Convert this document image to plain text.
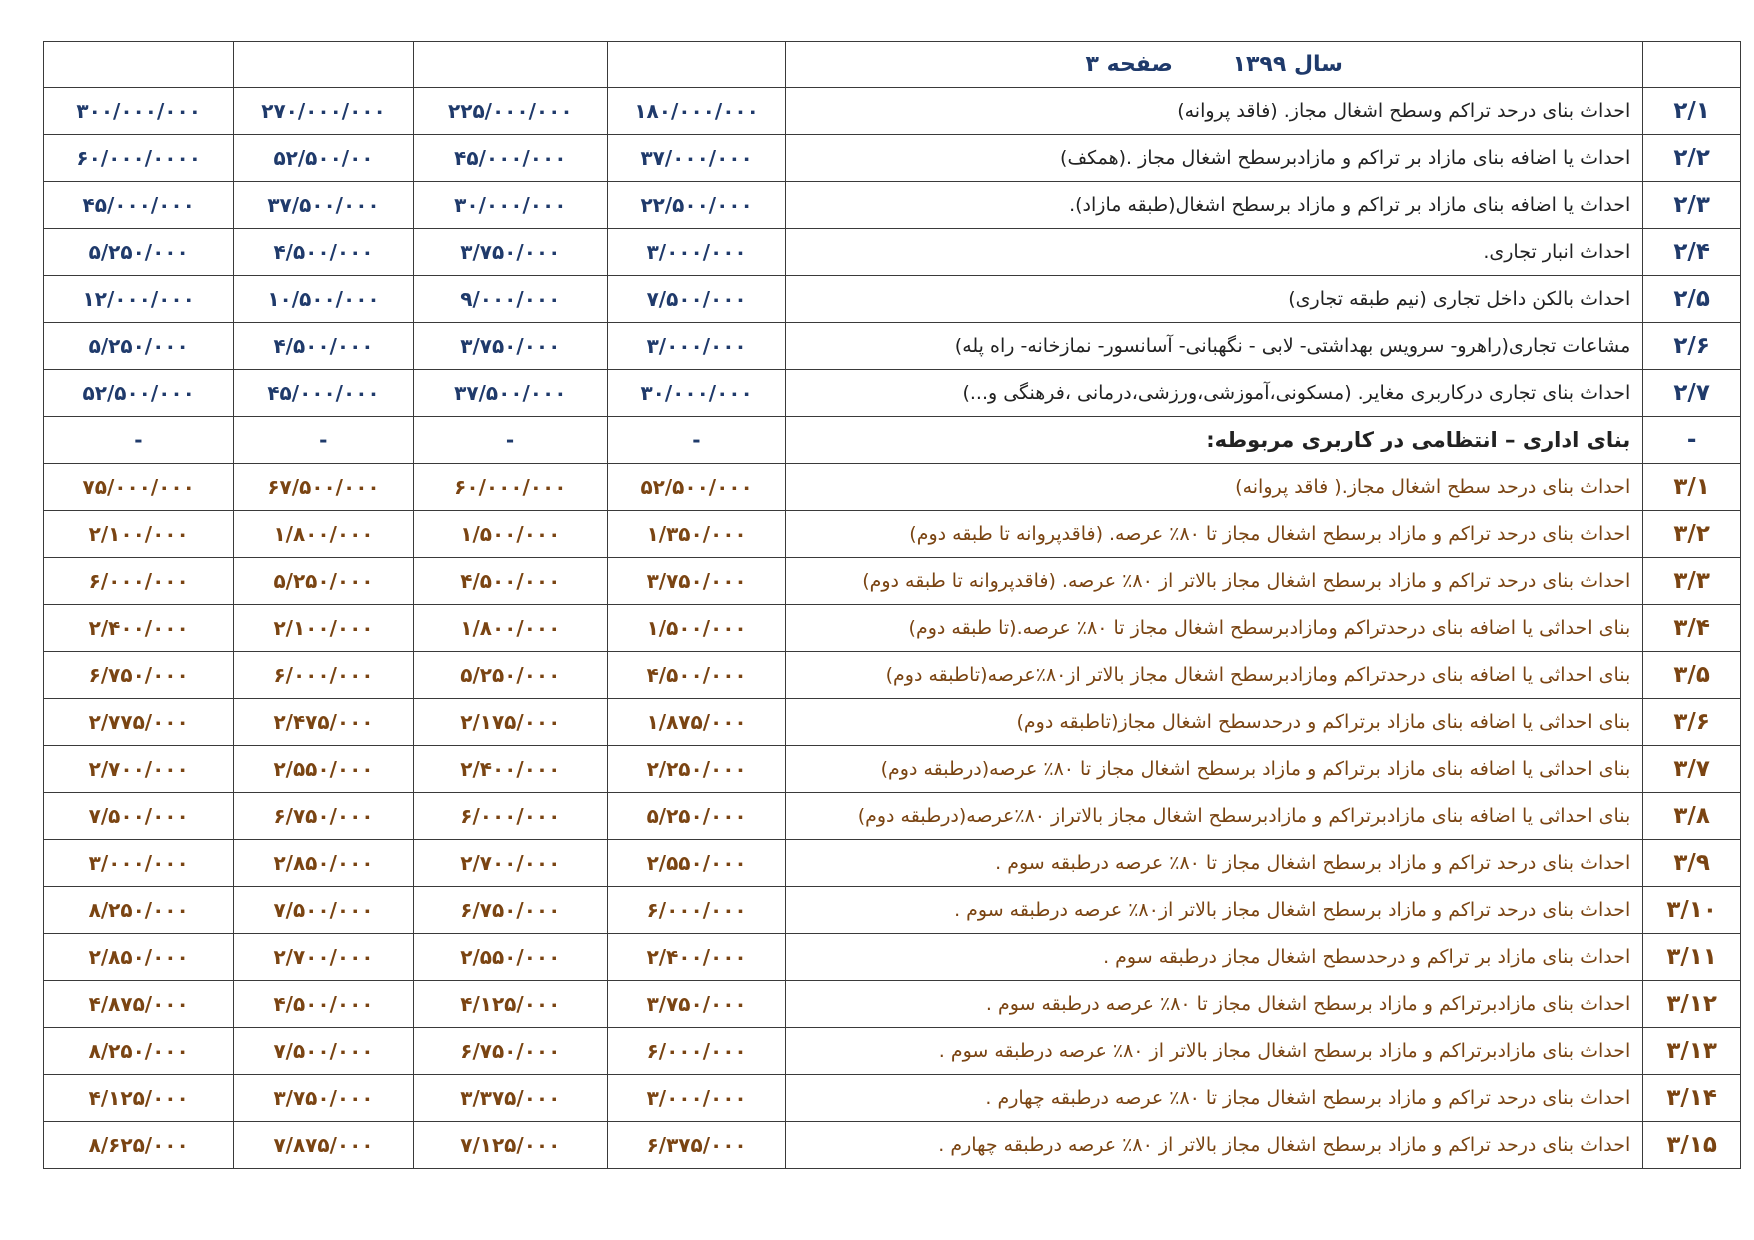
				سال ۱۳۹۹ صفحه ۳	
۳۰۰/۰۰۰/۰۰۰	۲۷۰/۰۰۰/۰۰۰	۲۲۵/۰۰۰/۰۰۰	۱۸۰/۰۰۰/۰۰۰	احداث بنای درحد تراکم وسطح اشغال مجاز. (فاقد پروانه)	۲/۱
۶۰/۰۰۰/۰۰۰۰	۵۲/۵۰۰/۰۰	۴۵/۰۰۰/۰۰۰	۳۷/۰۰۰/۰۰۰	احداث یا اضافه بنای مازاد بر تراکم و مازادبرسطح اشغال مجاز .(همکف)	۲/۲
۴۵/۰۰۰/۰۰۰	۳۷/۵۰۰/۰۰۰	۳۰/۰۰۰/۰۰۰	۲۲/۵۰۰/۰۰۰	احداث یا اضافه بنای مازاد بر تراکم و مازاد برسطح اشغال(طبقه مازاد).	۲/۳
۵/۲۵۰/۰۰۰	۴/۵۰۰/۰۰۰	۳/۷۵۰/۰۰۰	۳/۰۰۰/۰۰۰	احداث انبار تجاری.	۲/۴
۱۲/۰۰۰/۰۰۰	۱۰/۵۰۰/۰۰۰	۹/۰۰۰/۰۰۰	۷/۵۰۰/۰۰۰	احداث بالکن داخل تجاری (نیم طبقه تجاری)	۲/۵
۵/۲۵۰/۰۰۰	۴/۵۰۰/۰۰۰	۳/۷۵۰/۰۰۰	۳/۰۰۰/۰۰۰	مشاعات تجاری(راهرو- سرویس بهداشتی- لابی - نگهبانی- آسانسور- نمازخانه- راه پله)	۲/۶
۵۲/۵۰۰/۰۰۰	۴۵/۰۰۰/۰۰۰	۳۷/۵۰۰/۰۰۰	۳۰/۰۰۰/۰۰۰	احداث بنای تجاری درکاربری مغایر. (مسکونی،آموزشی،ورزشی،درمانی ،فرهنگی و...)	۲/۷
-	-	-	-	بنای اداری – انتظامی در کاربری مربوطه:	-
۷۵/۰۰۰/۰۰۰	۶۷/۵۰۰/۰۰۰	۶۰/۰۰۰/۰۰۰	۵۲/۵۰۰/۰۰۰	احداث بنای درحد سطح اشغال مجاز.( فاقد پروانه)	۳/۱
۲/۱۰۰/۰۰۰	۱/۸۰۰/۰۰۰	۱/۵۰۰/۰۰۰	۱/۳۵۰/۰۰۰	احداث بنای درحد تراکم و مازاد برسطح اشغال مجاز تا ۸۰٪ عرصه. (فاقدپروانه تا طبقه دوم)	۳/۲
۶/۰۰۰/۰۰۰	۵/۲۵۰/۰۰۰	۴/۵۰۰/۰۰۰	۳/۷۵۰/۰۰۰	احداث بنای درحد تراکم و مازاد برسطح اشغال مجاز بالاتر از ۸۰٪ عرصه. (فاقدپروانه تا طبقه دوم)	۳/۳
۲/۴۰۰/۰۰۰	۲/۱۰۰/۰۰۰	۱/۸۰۰/۰۰۰	۱/۵۰۰/۰۰۰	بنای احداثی یا اضافه بنای درحدتراکم ومازادبرسطح اشغال مجاز تا ۸۰٪ عرصه.(تا طبقه دوم)	۳/۴
۶/۷۵۰/۰۰۰	۶/۰۰۰/۰۰۰	۵/۲۵۰/۰۰۰	۴/۵۰۰/۰۰۰	بنای احداثی یا اضافه بنای درحدتراکم ومازادبرسطح اشغال مجاز بالاتر از۸۰٪عرصه(تاطبقه دوم)	۳/۵
۲/۷۷۵/۰۰۰	۲/۴۷۵/۰۰۰	۲/۱۷۵/۰۰۰	۱/۸۷۵/۰۰۰	بنای احداثی یا اضافه بنای مازاد برتراکم و درحدسطح اشغال مجاز(تاطبقه دوم)	۳/۶
۲/۷۰۰/۰۰۰	۲/۵۵۰/۰۰۰	۲/۴۰۰/۰۰۰	۲/۲۵۰/۰۰۰	بنای احداثی یا اضافه بنای مازاد برتراکم و مازاد برسطح اشغال مجاز تا ۸۰٪ عرصه(درطبقه دوم)	۳/۷
۷/۵۰۰/۰۰۰	۶/۷۵۰/۰۰۰	۶/۰۰۰/۰۰۰	۵/۲۵۰/۰۰۰	بنای احداثی یا اضافه بنای مازادبرتراکم و مازادبرسطح اشغال مجاز بالاتراز ۸۰٪عرصه(درطبقه دوم)	۳/۸
۳/۰۰۰/۰۰۰	۲/۸۵۰/۰۰۰	۲/۷۰۰/۰۰۰	۲/۵۵۰/۰۰۰	احداث بنای درحد تراکم و مازاد برسطح اشغال مجاز تا ۸۰٪ عرصه درطبقه سوم .	۳/۹
۸/۲۵۰/۰۰۰	۷/۵۰۰/۰۰۰	۶/۷۵۰/۰۰۰	۶/۰۰۰/۰۰۰	احداث بنای درحد تراکم و مازاد برسطح اشغال مجاز بالاتر از۸۰٪ عرصه درطبقه سوم .	۳/۱۰
۲/۸۵۰/۰۰۰	۲/۷۰۰/۰۰۰	۲/۵۵۰/۰۰۰	۲/۴۰۰/۰۰۰	احداث بنای مازاد بر تراکم و درحدسطح اشغال مجاز درطبقه سوم .	۳/۱۱
۴/۸۷۵/۰۰۰	۴/۵۰۰/۰۰۰	۴/۱۲۵/۰۰۰	۳/۷۵۰/۰۰۰	احداث بنای مازادبرتراکم و مازاد برسطح اشغال مجاز تا ۸۰٪ عرصه درطبقه سوم .	۳/۱۲
۸/۲۵۰/۰۰۰	۷/۵۰۰/۰۰۰	۶/۷۵۰/۰۰۰	۶/۰۰۰/۰۰۰	احداث بنای مازادبرتراکم و مازاد برسطح اشغال مجاز بالاتر از ۸۰٪ عرصه درطبقه سوم .	۳/۱۳
۴/۱۲۵/۰۰۰	۳/۷۵۰/۰۰۰	۳/۳۷۵/۰۰۰	۳/۰۰۰/۰۰۰	احداث بنای درحد تراکم و مازاد برسطح اشغال مجاز تا ۸۰٪ عرصه درطبقه چهارم .	۳/۱۴
۸/۶۲۵/۰۰۰	۷/۸۷۵/۰۰۰	۷/۱۲۵/۰۰۰	۶/۳۷۵/۰۰۰	احداث بنای درحد تراکم و مازاد برسطح اشغال مجاز بالاتر از ۸۰٪ عرصه درطبقه چهارم .	۳/۱۵
